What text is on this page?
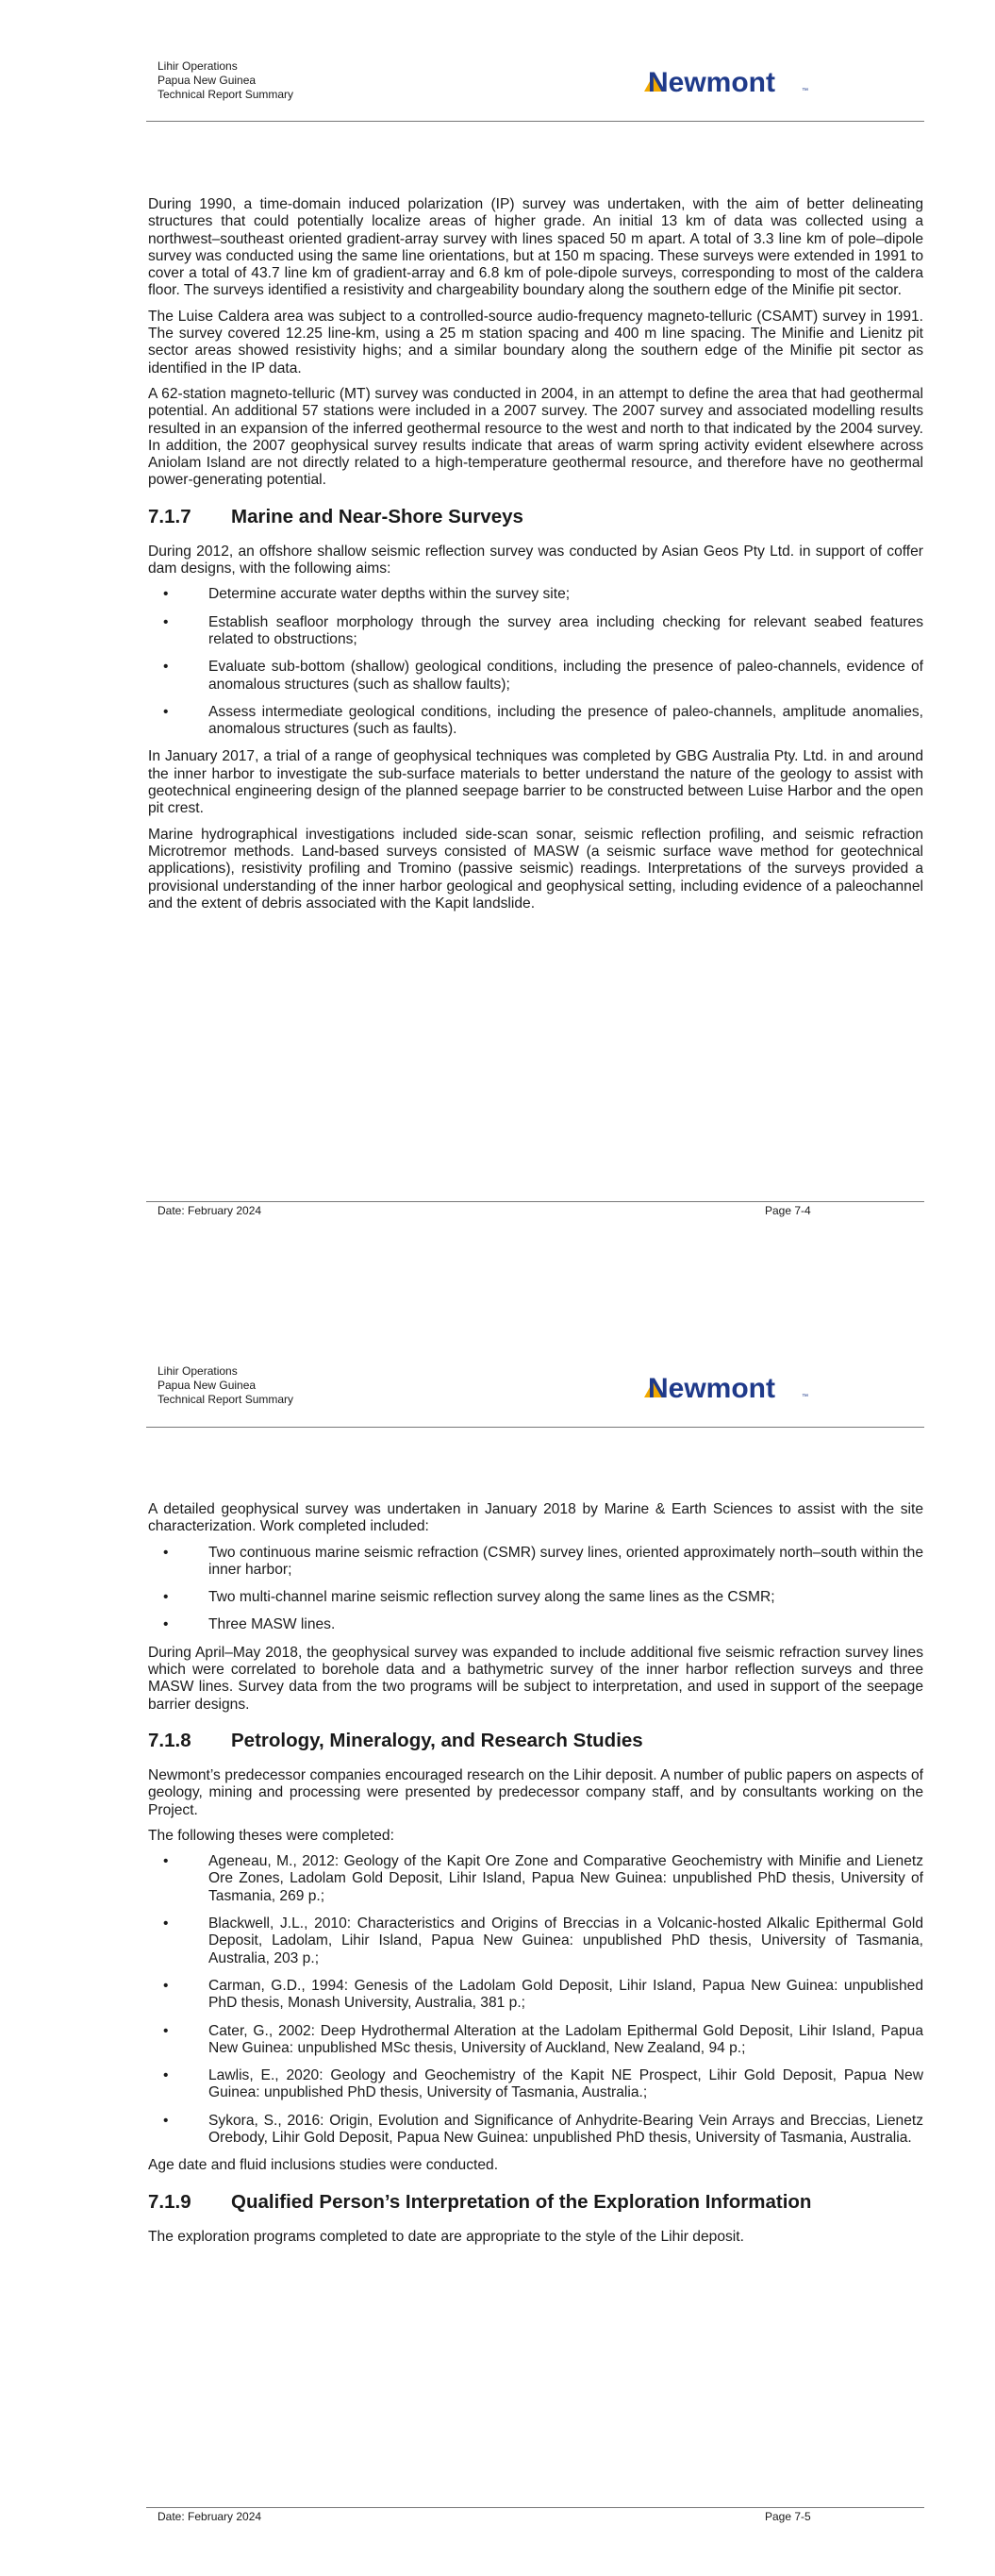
Lihir Operations
Papua New Guinea
Technical Report Summary	Newmont	™

During 1990, a time-domain induced polarization (IP) survey was undertaken, with the aim of better delineating structures that could potentially localize areas of higher grade. An initial 13 km of data was collected using a northwest–southeast oriented gradient-array survey with lines spaced 50 m apart. A total of 3.3 line km of pole–dipole survey was conducted using the same line orientations, but at 150 m spacing. These surveys were extended in 1991 to cover a total of 43.7 line km of gradient-array and 6.8 km of pole-dipole surveys, corresponding to most of the caldera floor. The surveys identified a resistivity and chargeability boundary along the southern edge of the Minifie pit sector.

The Luise Caldera area was subject to a controlled-source audio-frequency magneto-telluric (CSAMT) survey in 1991. The survey covered 12.25 line-km, using a 25 m station spacing and 400 m line spacing. The Minifie and Lienitz pit sector areas showed resistivity highs; and a similar boundary along the southern edge of the Minifie pit sector as identified in the IP data.

A 62-station magneto-telluric (MT) survey was conducted in 2004, in an attempt to define the area that had geothermal potential. An additional 57 stations were included in a 2007 survey. The 2007 survey and associated modelling results resulted in an expansion of the inferred geothermal resource to the west and north to that indicated by the 2004 survey. In addition, the 2007 geophysical survey results indicate that areas of warm spring activity evident elsewhere across Aniolam Island are not directly related to a high-temperature geothermal resource, and therefore have no geothermal power-generating potential.

7.1.7 Marine and Near-Shore Surveys

During 2012, an offshore shallow seismic reflection survey was conducted by Asian Geos Pty Ltd. in support of coffer dam designs, with the following aims:

•	Determine accurate water depths within the survey site;
•	Establish seafloor morphology through the survey area including checking for relevant seabed features related to obstructions;
•	Evaluate sub-bottom (shallow) geological conditions, including the presence of paleo-channels, evidence of anomalous structures (such as shallow faults);
•	Assess intermediate geological conditions, including the presence of paleo-channels, amplitude anomalies, anomalous structures (such as faults).

In January 2017, a trial of a range of geophysical techniques was completed by GBG Australia Pty. Ltd. in and around the inner harbor to investigate the sub-surface materials to better understand the nature of the geology to assist with geotechnical engineering design of the planned seepage barrier to be constructed between Luise Harbor and the open pit crest.

Marine hydrographical investigations included side-scan sonar, seismic reflection profiling, and seismic refraction Microtremor methods. Land-based surveys consisted of MASW (a seismic surface wave method for geotechnical applications), resistivity profiling and Tromino (passive seismic) readings. Interpretations of the surveys provided a provisional understanding of the inner harbor geological and geophysical setting, including evidence of a paleochannel and the extent of debris associated with the Kapit landslide.

Date: February 2024	Page 7-4
Lihir Operations
Papua New Guinea
Technical Report Summary	Newmont	™

A detailed geophysical survey was undertaken in January 2018 by Marine & Earth Sciences to assist with the site characterization. Work completed included:

•	Two continuous marine seismic refraction (CSMR) survey lines, oriented approximately north–south within the inner harbor;
•	Two multi-channel marine seismic reflection survey along the same lines as the CSMR;
•	Three MASW lines.

During April–May 2018, the geophysical survey was expanded to include additional five seismic refraction survey lines which were correlated to borehole data and a bathymetric survey of the inner harbor reflection surveys and three MASW lines. Survey data from the two programs will be subject to interpretation, and used in support of the seepage barrier designs.

7.1.8 Petrology, Mineralogy, and Research Studies

Newmont’s predecessor companies encouraged research on the Lihir deposit. A number of public papers on aspects of geology, mining and processing were presented by predecessor company staff, and by consultants working on the Project.

The following theses were completed:

•	Ageneau, M., 2012: Geology of the Kapit Ore Zone and Comparative Geochemistry with Minifie and Lienetz Ore Zones, Ladolam Gold Deposit, Lihir Island, Papua New Guinea: unpublished PhD thesis, University of Tasmania, 269 p.;
•	Blackwell, J.L., 2010: Characteristics and Origins of Breccias in a Volcanic-hosted Alkalic Epithermal Gold Deposit, Ladolam, Lihir Island, Papua New Guinea: unpublished PhD thesis, University of Tasmania, Australia, 203 p.;
•	Carman, G.D., 1994: Genesis of the Ladolam Gold Deposit, Lihir Island, Papua New Guinea: unpublished PhD thesis, Monash University, Australia, 381 p.;
•	Cater, G., 2002: Deep Hydrothermal Alteration at the Ladolam Epithermal Gold Deposit, Lihir Island, Papua New Guinea: unpublished MSc thesis, University of Auckland, New Zealand, 94 p.;
•	Lawlis, E., 2020: Geology and Geochemistry of the Kapit NE Prospect, Lihir Gold Deposit, Papua New Guinea: unpublished PhD thesis, University of Tasmania, Australia.;
•	Sykora, S., 2016: Origin, Evolution and Significance of Anhydrite-Bearing Vein Arrays and Breccias, Lienetz Orebody, Lihir Gold Deposit, Papua New Guinea: unpublished PhD thesis, University of Tasmania, Australia.

Age date and fluid inclusions studies were conducted.

7.1.9 Qualified Person’s Interpretation of the Exploration Information

The exploration programs completed to date are appropriate to the style of the Lihir deposit.

Date: February 2024	Page 7-5
